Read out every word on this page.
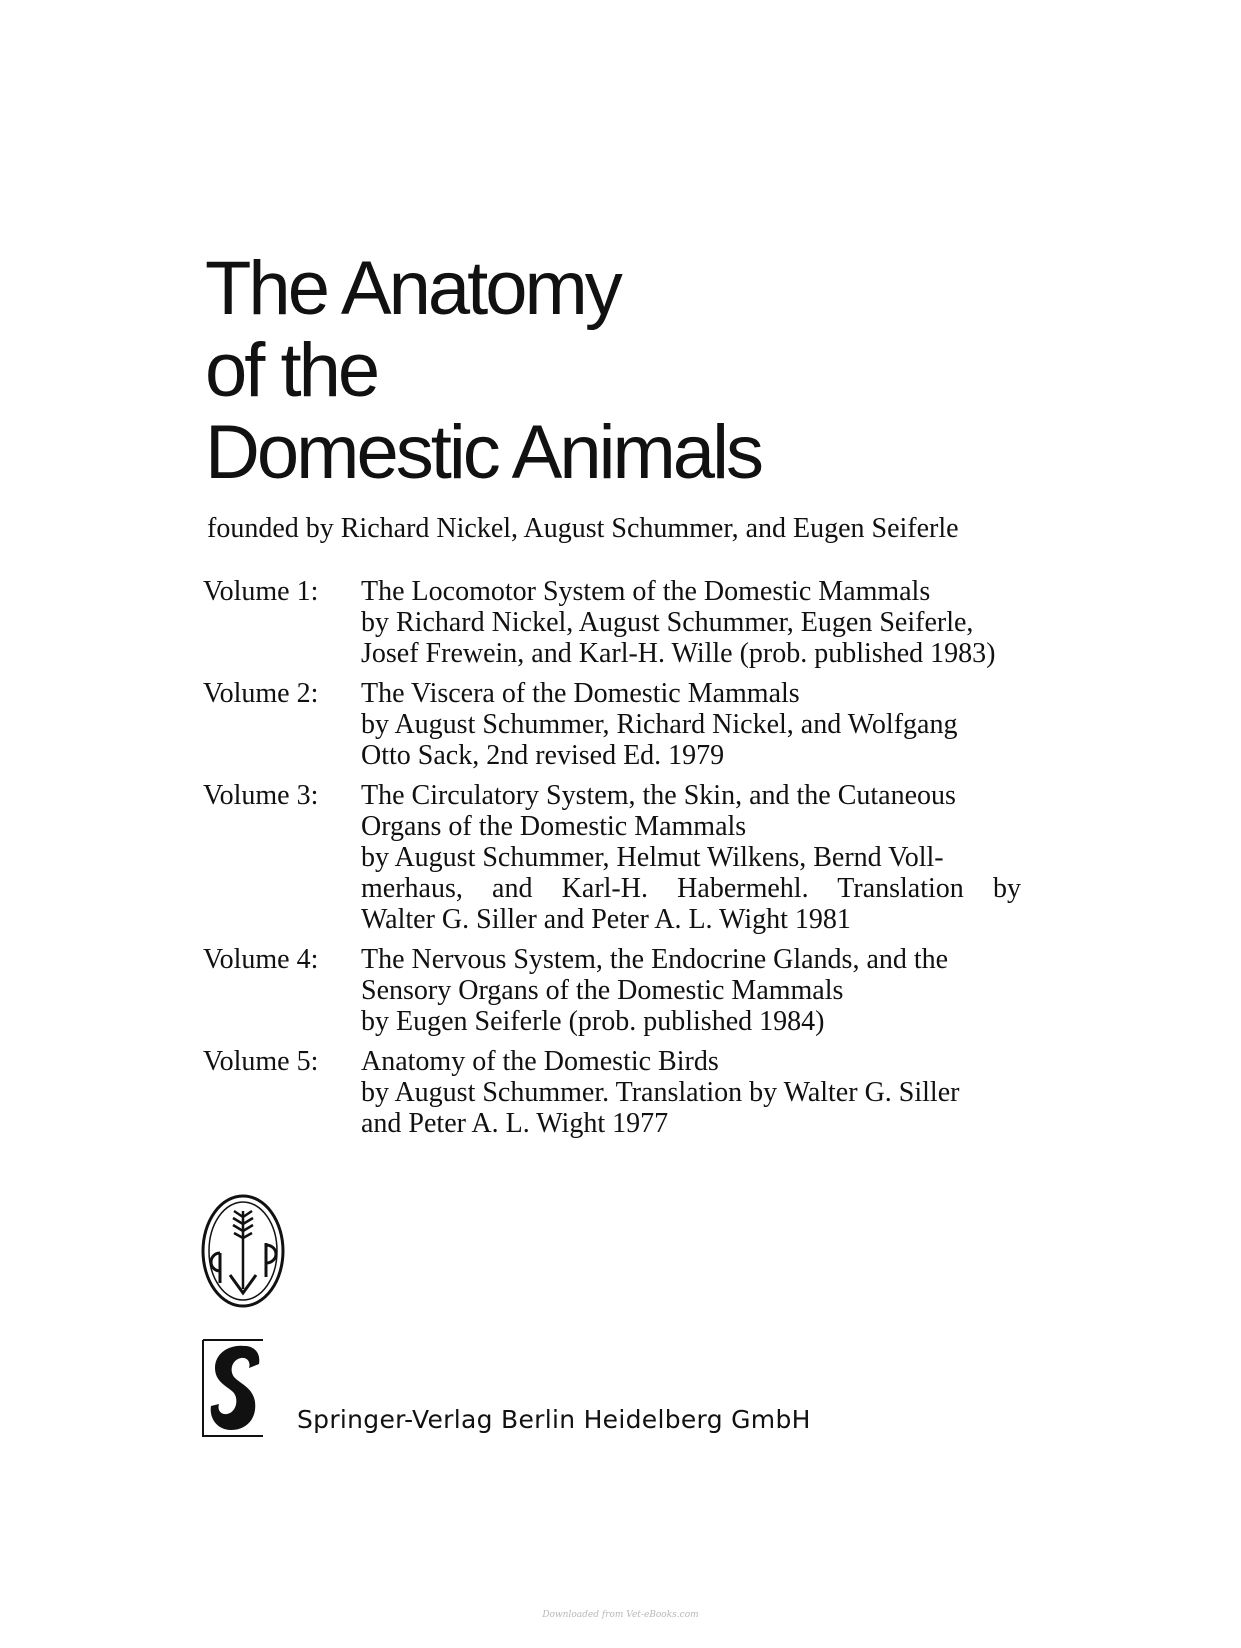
The Anatomy
of the
Domestic Animals
founded by Richard Nickel, August Schummer, and Eugen Seiferle
Volume 1:	The Locomotor System of the Domestic Mammals
by Richard Nickel, August Schummer, Eugen Seiferle,
Josef Frewein, and Karl-H. Wille (prob. published 1983)
Volume 2:	The Viscera of the Domestic Mammals
by August Schummer, Richard Nickel, and Wolfgang
Otto Sack, 2nd revised Ed. 1979
Volume 3:	The Circulatory System, the Skin, and the Cutaneous
Organs of the Domestic Mammals
by August Schummer, Helmut Wilkens, Bernd Voll-
merhaus, and Karl-H. Habermehl. Translation by
Walter G. Siller and Peter A. L. Wight 1981
Volume 4:	The Nervous System, the Endocrine Glands, and the
Sensory Organs of the Domestic Mammals
by Eugen Seiferle (prob. published 1984)
Volume 5:	Anatomy of the Domestic Birds
by August Schummer. Translation by Walter G. Siller
and Peter A. L. Wight 1977
Springer-Verlag Berlin Heidelberg GmbH
Downloaded from Vet-eBooks.com
